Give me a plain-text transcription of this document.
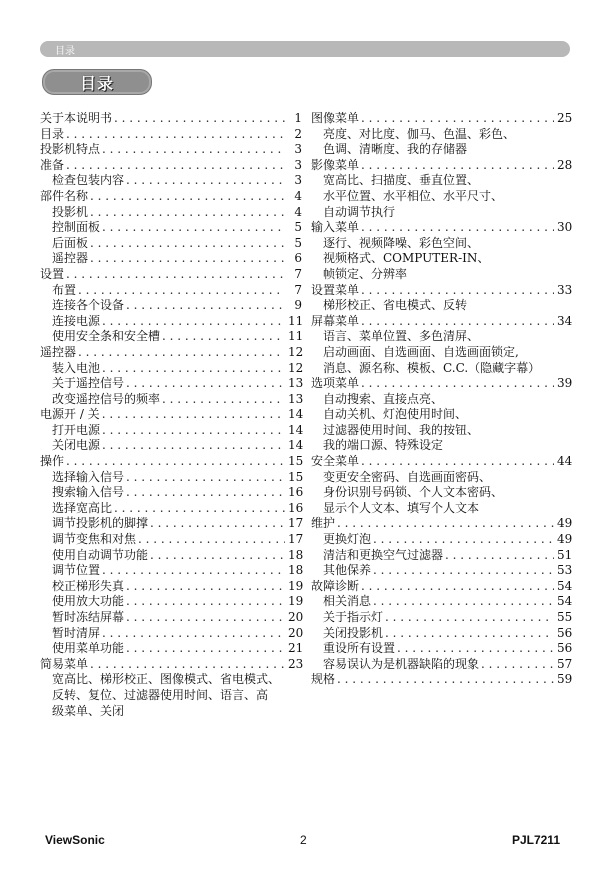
目录
目录
关于本说明书 . . .	1
目录 . . .	2
投影机特点 . . .	3
准备 . . .	3
检查包装内容 . . .	3
部件名称 . . .	4
投影机 . . .	4
控制面板 . . .	5
后面板 . . .	5
遥控器 . . .	6
设置 . . .	7
布置 . . .	7
连接各个设备 . . .	9
连接电源 . . .	11
使用安全条和安全槽 . . .	11
遥控器 . . .	12
装入电池 . . .	12
关于遥控信号 . . .	13
改变遥控信号的频率 . . .	13
电源开 / 关 . . .	14
打开电源 . . .	14
关闭电源 . . .	14
操作 . . .	15
选择输入信号 . . .	15
搜索输入信号 . . .	16
选择宽高比 . . .	16
调节投影机的脚撑 . . .	17
调节变焦和对焦 . . .	17
使用自动调节功能 . . .	18
调节位置 . . .	18
校正梯形失真 . . .	19
使用放大功能 . . .	19
暂时冻结屏幕 . . .	20
暂时清屏 . . .	20
使用菜单功能 . . .	21
简易菜单 . . .	23
宽高比、梯形校正、图像模式、省电模式、
反转、复位、过滤器使用时间、语言、高
级菜单、关闭
图像菜单 . . .	25
亮度、对比度、伽马、色温、彩色、
色调、清晰度、我的存储器
影像菜单 . . .	28
宽高比、扫描度、垂直位置、
水平位置、水平相位、水平尺寸、
自动调节执行
输入菜单 . . .	30
逐行、视频降噪、彩色空间、
视频格式、COMPUTER-IN、
帧锁定、分辨率
设置菜单 . . .	33
梯形校正、省电模式、反转
屏幕菜单 . . .	34
语言、菜单位置、多色清屏、
启动画面、自选画面、自选画面锁定,
消息、源名称、模板、C.C.（隐藏字幕）
选项菜单 . . .	39
自动搜索、直接点亮、
自动关机、灯泡使用时间、
过滤器使用时间、我的按钮、
我的端口源、特殊设定
安全菜单 . . .	44
变更安全密码、自选画面密码、
身份识别号码锁、个人文本密码、
显示个人文本、填写个人文本
维护 . . .	49
更换灯泡 . . .	49
清洁和更换空气过滤器 . . .	51
其他保养 . . .	53
故障诊断 . . .	54
相关消息 . . .	54
关于指示灯 . . .	55
关闭投影机 . . .	56
重设所有设置 . . .	56
容易误认为是机器缺陷的现象 . . .	57
规格 . . .	59
ViewSonic	2	PJL7211
